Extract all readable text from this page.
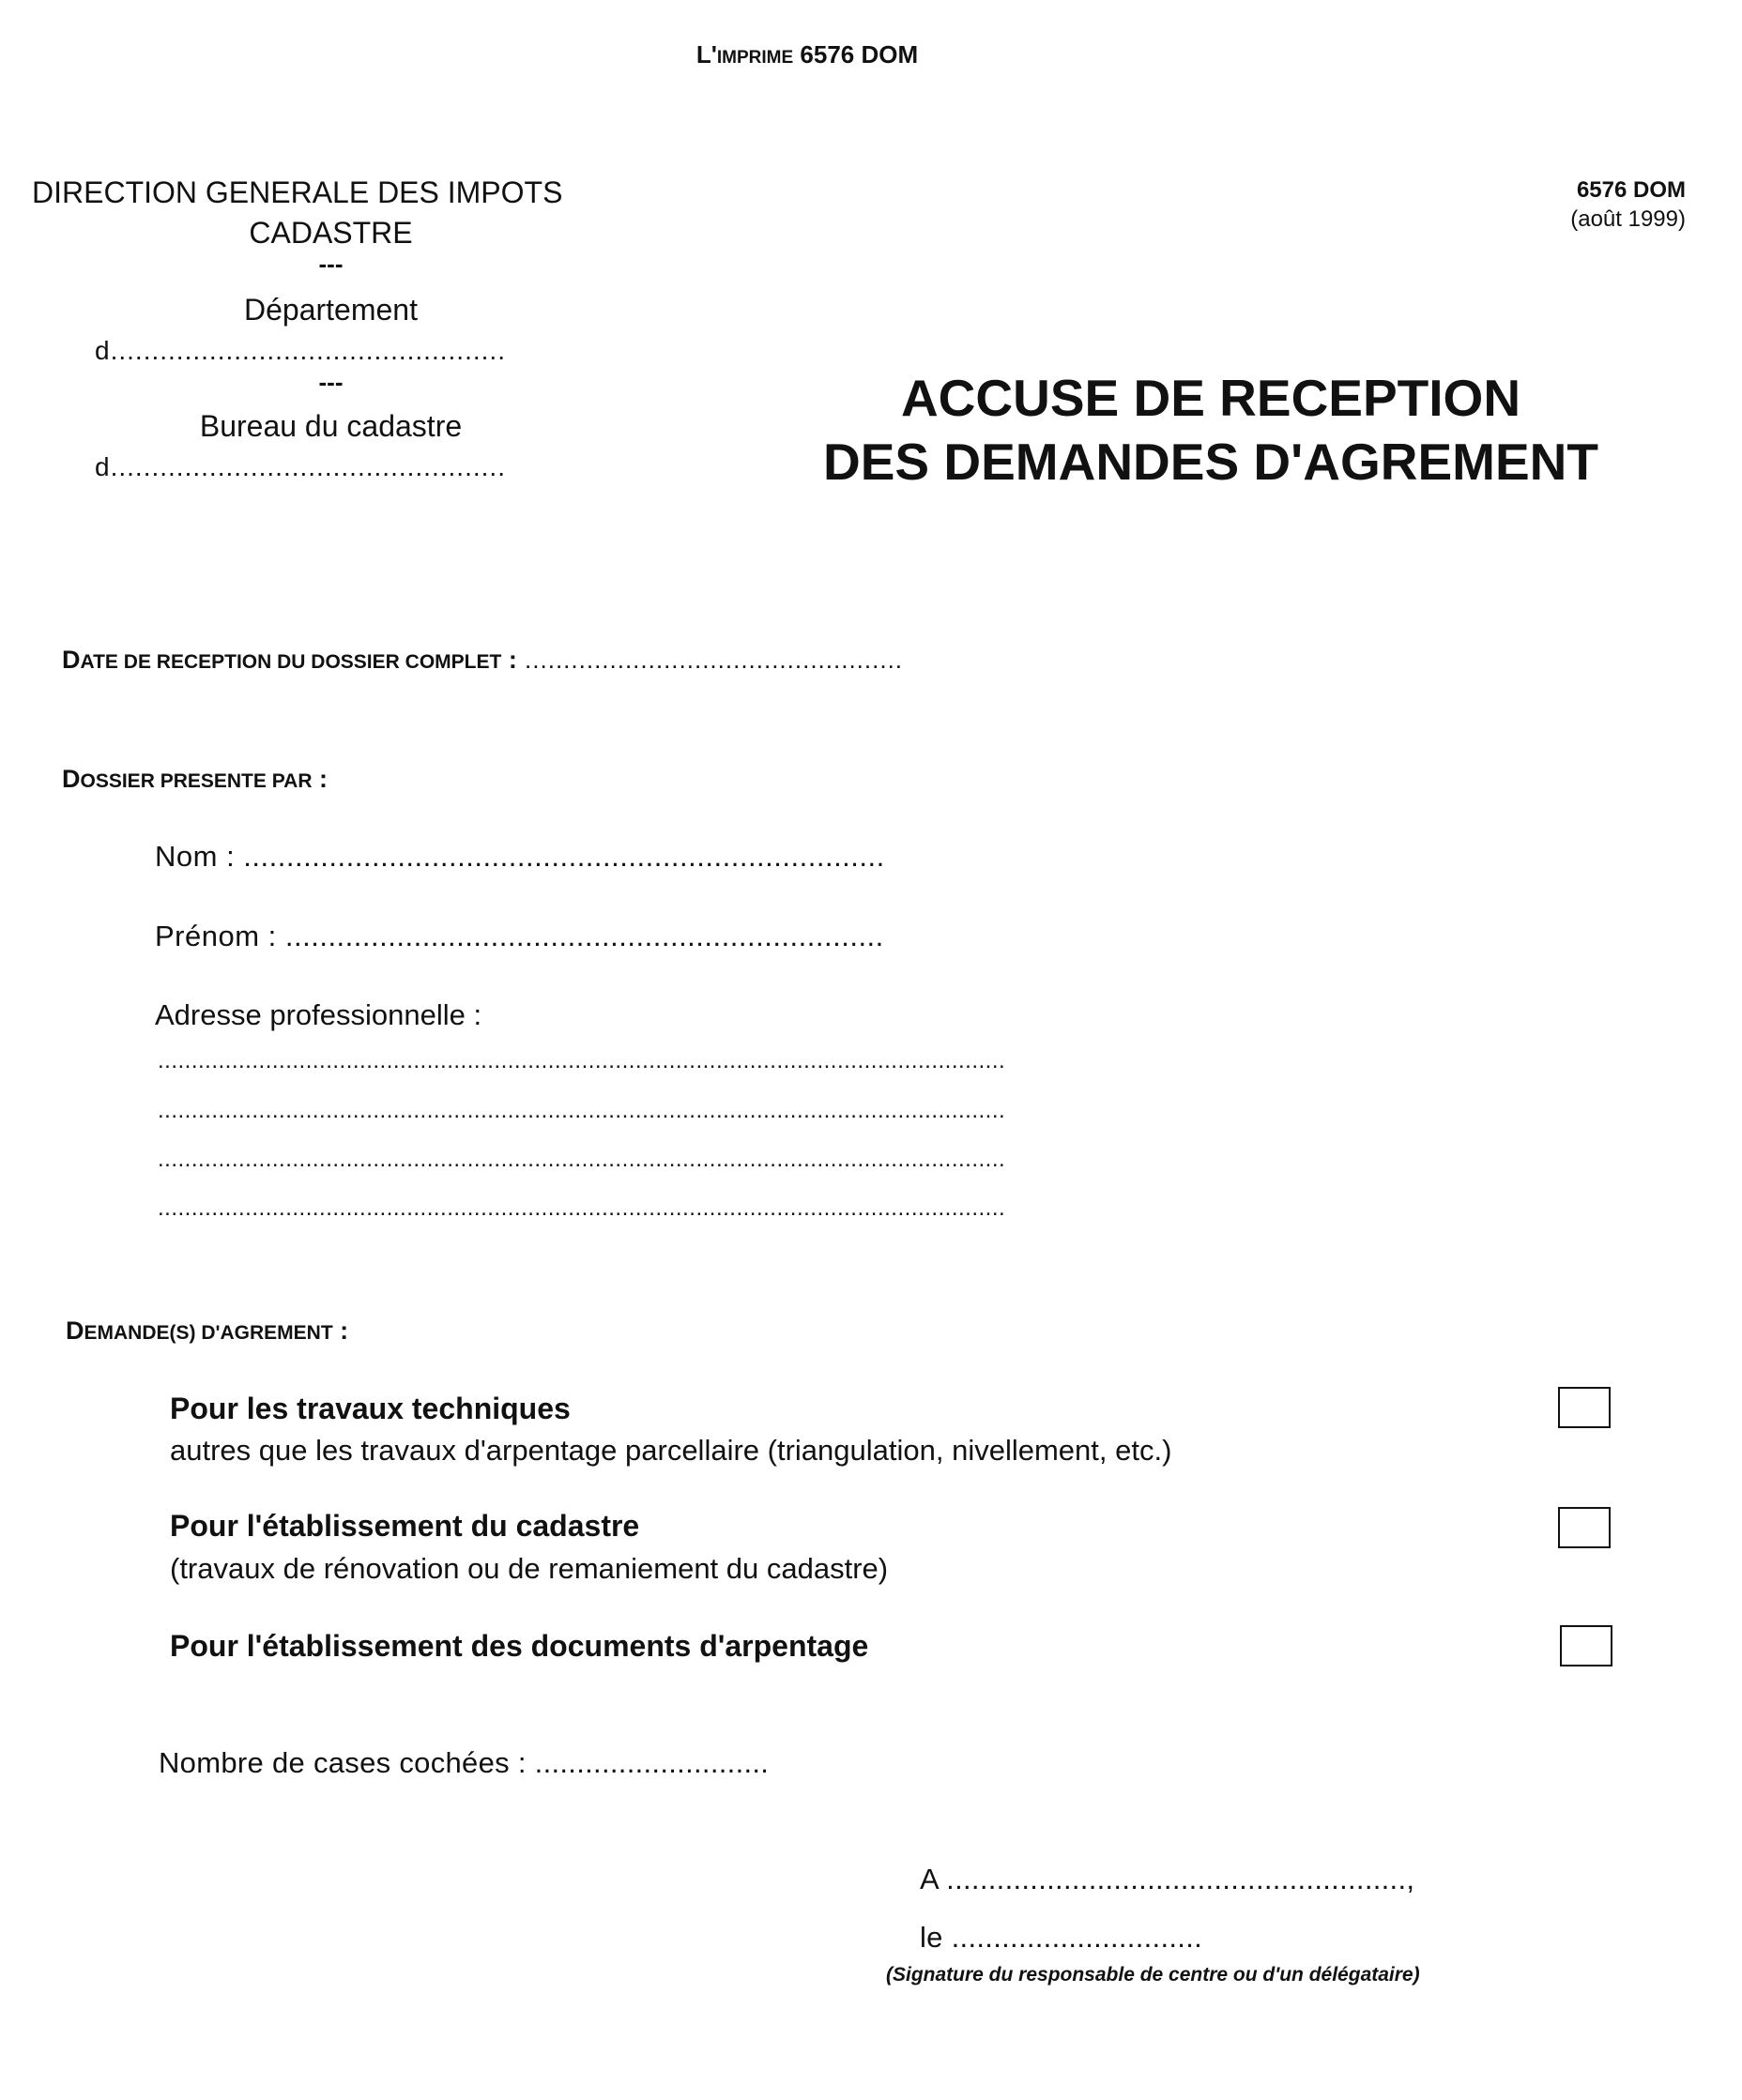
L'IMPRIME 6576 DOM
DIRECTION GENERALE DES IMPOTS
CADASTRE
---
Département
d................................................
---
Bureau du cadastre
d................................................
6576 DOM
(août 1999)
ACCUSE DE RECEPTION
DES DEMANDES D'AGREMENT
DATE DE RECEPTION DU DOSSIER COMPLET : .................................................
DOSSIER PRESENTE PAR :
Nom : ...........................................................................
Prénom : ......................................................................
Adresse professionnelle :
..............................................................................................................................
..............................................................................................................................
..............................................................................................................................
..............................................................................................................................
DEMANDE(S) D'AGREMENT :
Pour les travaux techniques
autres que les travaux d'arpentage parcellaire (triangulation, nivellement, etc.)
Pour l'établissement du cadastre
(travaux de rénovation ou de remaniement du cadastre)
Pour l'établissement des documents d'arpentage
Nombre de cases cochées : ............................
A .......................................................,
le ..............................
(Signature du responsable de centre ou d'un délégataire)
